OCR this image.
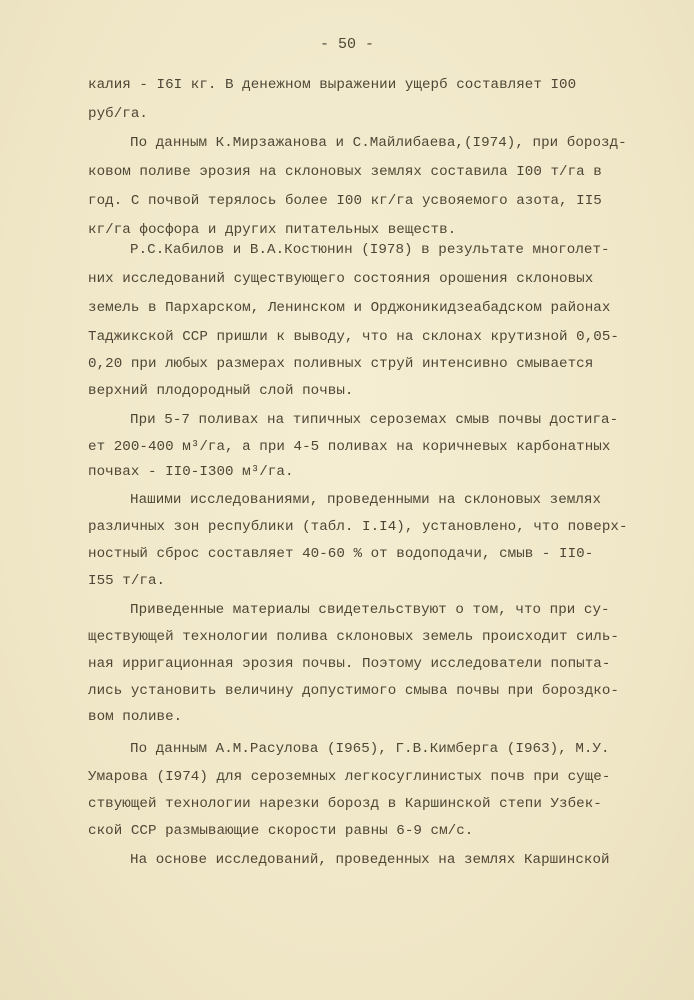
- 50 -
калия - I6I кг. В денежном выражении ущерб составляет I00
руб/га.
По данным К.Мирзажанова и С.Майлибаева,(I974), при борозд-
ковом поливе эрозия на склоновых землях составила I00 т/га в
год. С почвой терялось более I00 кг/га усвояемого азота, II5
кг/га фосфора и других питательных веществ.
Р.С.Кабилов и В.А.Костюнин (I978) в результате многолет-
них исследований существующего состояния орошения склоновых
земель в Пархарском, Ленинском и Орджоникидзеабадском районах
Таджикской ССР пришли к выводу, что на склонах крутизной 0,05-
0,20 при любых размерах поливных струй интенсивно смывается
верхний плодородный слой почвы.
При 5-7 поливах на типичных сероземах смыв почвы достига-
ет 200-400 м³/га, а при 4-5 поливах на коричневых карбонатных
почвах - II0-I300 м³/га.
Нашими исследованиями, проведенными на склоновых землях
различных зон республики (табл. I.I4), установлено, что поверх-
ностный сброс составляет 40-60 % от водоподачи, смыв - II0-
I55 т/га.
Приведенные материалы свидетельствуют о том, что при су-
ществующей технологии полива склоновых земель происходит силь-
ная ирригационная эрозия почвы. Поэтому исследователи попыта-
лись установить величину допустимого смыва почвы при бороздко-
вом поливе.
По данным А.М.Расулова (I965), Г.В.Кимберга (I963), М.У.
Умарова (I974) для сероземных легкосуглинистых почв при суще-
ствующей технологии нарезки борозд в Каршинской степи Узбек-
ской ССР размывающие скорости равны 6-9 см/с.
На основе исследований, проведенных на землях Каршинской
